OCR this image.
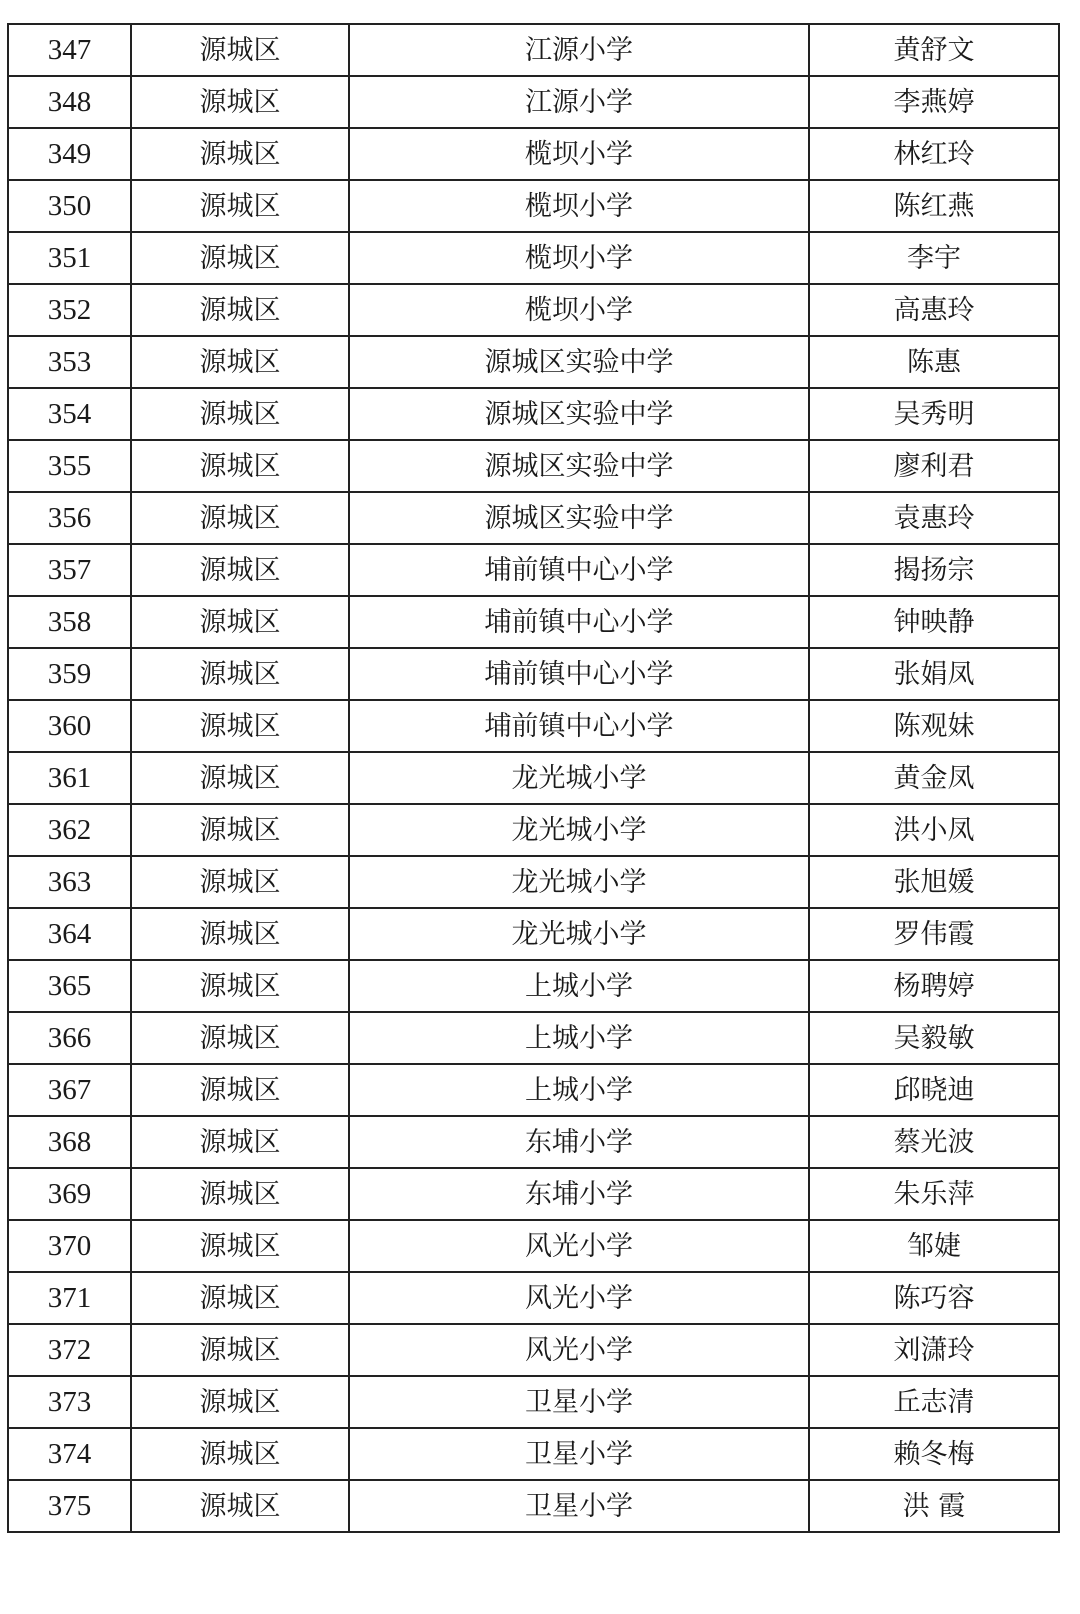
347	源城区	江源小学	黄舒文
348	源城区	江源小学	李燕婷
349	源城区	榄坝小学	林红玲
350	源城区	榄坝小学	陈红燕
351	源城区	榄坝小学	李宇
352	源城区	榄坝小学	高惠玲
353	源城区	源城区实验中学	陈惠
354	源城区	源城区实验中学	吴秀明
355	源城区	源城区实验中学	廖利君
356	源城区	源城区实验中学	袁惠玲
357	源城区	埔前镇中心小学	揭扬宗
358	源城区	埔前镇中心小学	钟映静
359	源城区	埔前镇中心小学	张娟凤
360	源城区	埔前镇中心小学	陈观妹
361	源城区	龙光城小学	黄金凤
362	源城区	龙光城小学	洪小凤
363	源城区	龙光城小学	张旭媛
364	源城区	龙光城小学	罗伟霞
365	源城区	上城小学	杨聘婷
366	源城区	上城小学	吴毅敏
367	源城区	上城小学	邱晓迪
368	源城区	东埔小学	蔡光波
369	源城区	东埔小学	朱乐萍
370	源城区	风光小学	邹婕
371	源城区	风光小学	陈巧容
372	源城区	风光小学	刘潇玲
373	源城区	卫星小学	丘志清
374	源城区	卫星小学	赖冬梅
375	源城区	卫星小学	洪 霞
